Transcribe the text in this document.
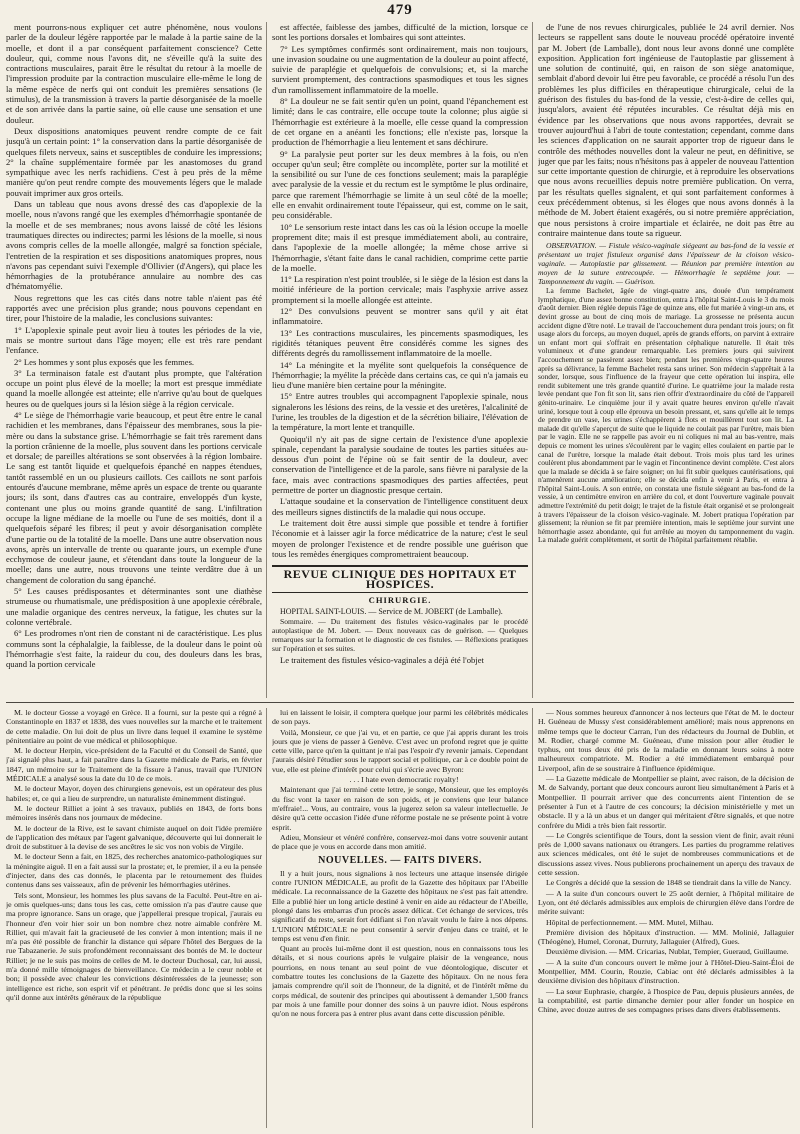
479

ment pourrons-nous expliquer cet autre phénomène, nous voulons parler de la douleur légère rapportée par le malade à la partie saine de la moelle, et dont il a par conséquent parfaitement conscience? Cette douleur, qui, comme nous l'avons dit, ne s'éveille qu'à la suite des contractions musculaires, parait être le résultat du retour à la moelle de l'impression produite par la contraction musculaire elle-même le long de la même espèce de nerfs qui ont conduit les premières sensations (le stimulus), de la transmission à travers la partie désorganisée de la moelle et de son arrivée dans la partie saine, où elle cause une sensation et une douleur.

Deux dispositions anatomiques peuvent rendre compte de ce fait jusqu'à un certain point: 1° la conservation dans la partie désorganisée de quelques filets nerveux, sains et susceptibles de conduire les impressions; 2° la chaîne supplémentaire formée par les anastomoses du grand sympathique avec les nerfs rachidiens. C'est à peu près de la même manière qu'on peut rendre compte des mouvements légers que le malade pouvait imprimer aux gros orteils.

Dans un tableau que nous avons dressé des cas d'apoplexie de la moelle, nous n'avons rangé que les exemples d'hémorrhagie spontanée de la moelle et de ses membranes; nous avons laissé de côté les lésions traumatiques directes ou indirectes; parmi les lésions de la moelle, si nous avons compris celles de la moelle allongée, malgré sa fonction spéciale, l'entretien de la respiration et ses dispositions anatomiques propres, nous n'avons pas cependant suivi l'exemple d'Ollivier (d'Angers), qui place les hémorrhagies de la protubérance annulaire au nombre des cas d'hématomyélie.

Nous regrettons que les cas cités dans notre table n'aient pas été rapportés avec une précision plus grande; nous pouvons cependant en tirer, pour l'histoire de la maladie, les conclusions suivantes:

1° L'apoplexie spinale peut avoir lieu à toutes les périodes de la vie, mais se montre surtout dans l'âge moyen; elle est très rare pendant l'enfance.

2° Les hommes y sont plus exposés que les femmes.

3° La terminaison fatale est d'autant plus prompte, que l'altération occupe un point plus élevé de la moelle; la mort est presque immédiate quand la moelle allongée est atteinte; elle n'arrive qu'au bout de quelques heures ou de quelques jours si la lésion siège à la région cervicale.

4° Le siège de l'hémorrhagie varie beaucoup, et peut être entre le canal rachidien et les membranes, dans l'épaisseur des membranes, sous la pie-mère ou dans la substance grise. L'hémorrhagie se fait très rarement dans la portion crânienne de la moelle, plus souvent dans les portions cervicale et dorsale; de pareilles altérations se sont observées à la région lombaire. Le sang est tantôt liquide et quelquefois épanché en nappes étendues, tantôt rassemblé en un ou plusieurs caillots. Ces caillots ne sont parfois entourés d'aucune membrane, même après un espace de trente ou quarante jours; ils sont, dans d'autres cas au contraire, enveloppés d'un kyste, contenant une plus ou moins grande quantité de sang. L'infiltration occupe la ligne médiane de la moelle ou l'une de ses moitiés, dont il a quelquefois séparé les fibres; il peut y avoir désorganisation complète d'une partie ou de la totalité de la moelle. Dans une autre observation nous avons, après un intervalle de trente ou quarante jours, un exemple d'une ecchymose de couleur jaune, et s'étendant dans toute la longueur de la moelle; dans une autre, nous trouvons une teinte verdâtre due à un changement de coloration du sang épanché.

5° Les causes prédisposantes et déterminantes sont une diathèse strumeuse ou rhumatismale, une prédisposition à une apoplexie cérébrale, une maladie organique des centres nerveux, la fatigue, les chutes sur la colonne vertébrale.

6° Les prodromes n'ont rien de constant ni de caractéristique. Les plus communs sont la céphalalgie, la faiblesse, de la douleur dans le point où l'hémorrhagie s'est faite, la raideur du cou, des douleurs dans les bras, quand la portion cervicale

est affectée, faiblesse des jambes, difficulté de la miction, lorsque ce sont les portions dorsales et lombaires qui sont atteintes.

7° Les symptômes confirmés sont ordinairement, mais non toujours, une invasion soudaine ou une augmentation de la douleur au point affecté, suivie de paraplégie et quelquefois de convulsions; et, si la marche survient promptement, des contractions spasmodiques et tous les signes d'un ramollissement inflammatoire de la moelle.

8° La douleur ne se fait sentir qu'en un point, quand l'épanchement est limité; dans le cas contraire, elle occupe toute la colonne; plus aigüe si l'hémorrhagie est extérieure à la moelle, elle cesse quand la compression de cet organe en a anéanti les fonctions; elle n'existe pas, lorsque la production de l'hémorrhagie a lieu lentement et sans déchirure.

9° La paralysie peut porter sur les deux membres à la fois, ou n'en occuper qu'un seul; être complète ou incomplète, porter sur la motilité et la sensibilité ou sur l'une de ces fonctions seulement; mais la paraplégie avec paralysie de la vessie et du rectum est le symptôme le plus ordinaire, parce que rarement l'hémorrhagie se limite à un seul côté de la moelle; elle en envahit ordinairement toute l'épaisseur, qui est, comme on le sait, peu considérable.

10° Le sensorium reste intact dans les cas où la lésion occupe la moelle proprement dite; mais il est presque immédiatement aboli, au contraire, dans l'apoplexie de la moelle allongée; la même chose arrive si l'hémorrhagie, s'étant faite dans le canal rachidien, comprime cette partie de la moelle.

11° La respiration n'est point troublée, si le siège de la lésion est dans la moitié inférieure de la portion cervicale; mais l'asphyxie arrive assez promptement si la moelle allongée est atteinte.

12° Des convulsions peuvent se montrer sans qu'il y ait état inflammatoire.

13° Les contractions musculaires, les pincements spasmodiques, les rigidités tétaniques peuvent être considérés comme les signes des différents degrés du ramollissement inflammatoire de la moelle.

14° La méningite et la myélite sont quelquefois la conséquence de l'hémorrhagie; la myélite la précède dans certains cas, ce qui n'a jamais eu lieu d'une manière bien certaine pour la méningite.

15° Entre autres troubles qui accompagnent l'apoplexie spinale, nous signalerons les lésions des reins, de la vessie et des uretères, l'alcalinité de l'urine, les troubles de la digestion et de la sécrétion biliaire, l'élévation de la température, la mort lente et tranquille.

Quoiqu'il n'y ait pas de signe certain de l'existence d'une apoplexie spinale, cependant la paralysie soudaine de toutes les parties situées au-dessous d'un point de l'épine où se fait sentir de la douleur, avec conservation de l'intelligence et de la parole, sans fièvre ni paralysie de la face, mais avec contractions spasmodiques des parties affectées, peut permettre de porter un diagnostic presque certain.

L'attaque soudaine et la conservation de l'intelligence constituent deux des meilleurs signes distinctifs de la maladie qui nous occupe.

Le traitement doit être aussi simple que possible et tendre à fortifier l'économie et à laisser agir la force médicatrice de la nature; c'est le seul moyen de prolonger l'existence et de rendre possible une guérison que tous les remèdes énergiques compromettraient beaucoup.

REVUE CLINIQUE DES HOPITAUX ET HOSPICES.
CHIRURGIE.

HOPITAL SAINT-LOUIS. — Service de M. JOBERT (de Lamballe).

Sommaire. — Du traitement des fistules vésico-vaginales par le procédé autoplastique de M. Jobert. — Deux nouveaux cas de guérison. — Quelques remarques sur la formation et le diagnostic de ces fistules. — Réflexions pratiques sur l'opération et ses suites.

Le traitement des fistules vésico-vaginales a déjà été l'objet

de l'une de nos revues chirurgicales, publiée le 24 avril dernier. Nos lecteurs se rappellent sans doute le nouveau procédé opératoire inventé par M. Jobert (de Lamballe), dont nous leur avons donné une complète exposition. Application fort ingénieuse de l'autoplastie par glissement à une solution de continuité, qui, en raison de son siège anatomique, semblait d'abord devoir lui être peu favorable, ce procédé a résolu l'un des problèmes les plus difficiles en thérapeutique chirurgicale, celui de la guérison des fistules du bas-fond de la vessie, c'est-à-dire de celles qui, jusqu'alors, avaient été réputées incurables. Ce résultat déjà mis en évidence par les observations que nous avons rapportées, devrait se trouver aujourd'hui à l'abri de toute contestation; cependant, comme dans les sciences d'application on ne saurait apporter trop de rigueur dans le contrôle des méthodes nouvelles dont la valeur ne peut, en définitive, se juger que par les faits; nous n'hésitons pas à appeler de nouveau l'attention sur cette importante question de chirurgie, et à reproduire les observations que nous avons recueillies depuis notre première publication. On verra, par les résultats quelles signalent, et qui sont parfaitement conformes à ceux précédemment obtenus, si les éloges que nous avons donnés à la méthode de M. Jobert étaient exagérés, ou si notre première appréciation, que nous persistons à croire impartiale et éclairée, ne doit pas être au contraire maintenue dans toute sa rigueur.

OBSERVATION. — Fistule vésico-vaginale siégeant au bas-fond de la vessie et présentant un trajet fistuleux organisé dans l'épaisseur de la cloison vésico-vaginale. — Autoplastie par glissement. — Réunion par première intention au moyen de la suture entrecoupée. — Hémorrhagie le septième jour. — Tamponnement du vagin. — Guérison.

La femme Bachelet, âgée de vingt-quatre ans, douée d'un tempérament lymphatique, d'une assez bonne constitution, entra à l'hôpital Saint-Louis le 3 du mois d'août dernier. Bien réglée depuis l'âge de quinze ans, elle fut mariée à vingt-un ans, et devint grosse au bout de cinq mois de mariage. La grossesse ne présenta aucun accident digne d'être noté. Le travail de l'accouchement dura pendant trois jours; on fit usage alors du forceps, au moyen duquel, après de grands efforts, on parvint à extraire un enfant mort qui s'offrait en présentation céphalique naturelle. Il était très volumineux et d'une grandeur remarquable. Les premiers jours qui suivirent l'accouchement se passèrent assez bien; pendant les premières vingt-quatre heures après sa délivrance, la femme Bachelet resta sans uriner. Son médecin s'apprêtait à la sonder, lorsque, sous l'influence de la frayeur que cette opération lui inspira, elle rendit subitement une très grande quantité d'urine. Le quatrième jour la malade resta levée pendant que l'on fit son lit, sans rien offrir d'extraordinaire du côté de l'appareil génito-urinaire. Le cinquième jour il y avait quatre heures environ qu'elle n'avait uriné, lorsque tout à coup elle éprouva un besoin pressant, et, sans qu'elle ait le temps de prendre un vase, les urines s'échappèrent à flots et mouillèrent tout son lit. La malade dit qu'elle s'aperçut de suite que le liquide ne coulait pas par l'urètre, mais bien par le vagin. Elle ne se rappelle pas avoir eu ni coliques ni mal au bas-ventre, mais depuis ce moment les urines s'écoulèrent par le vagin; elles coulaient en partie par le canal de l'urètre, lorsque la malade était debout. Trois mois plus tard les urines coulèrent plus abondamment par le vagin et l'incontinence devint complète. C'est alors que la malade se décida à se faire soigner; on lui fit subir quelques cautérisations, qui n'amenèrent aucune amélioration; elle se décida enfin à venir à Paris, et entra à l'hôpital Saint-Louis. A son entrée, on constata une fistule siégeant au bas-fond de la vessie, à un centimètre environ en arrière du col, et dont l'ouverture vaginale pouvait admettre l'extrémité du petit doigt; le trajet de la fistule était organisé et se prolongeait à travers l'épaisseur de la cloison vésico-vaginale. M. Jobert pratiqua l'opération par glissement; la réunion se fit par première intention, mais le septième jour survint une hémorrhagie assez abondante, qui fut arrêtée au moyen du tamponnement du vagin. La malade guérit complètement, et sortit de l'hôpital parfaitement rétablie.

M. le docteur Gosse a voyagé en Grèce. Il a fourni, sur la peste qui a régné à Constantinople en 1837 et 1838, des vues nouvelles sur la marche et le traitement de cette maladie. On lui doit de plus un livre dans lequel il examine le système pénitentiaire au point de vue médical et philosophique.

M. le docteur Herpin, vice-président de la Faculté et du Conseil de Santé, que j'ai signalé plus haut, a fait paraître dans la Gazette médicale de Paris, en février 1847, un mémoire sur le Traitement de la fissure à l'anus, travail que l'UNION MÉDICALE a analysé sous la date du 10 de ce mois.

M. le docteur Mayor, doyen des chirurgiens genevois, est un opérateur des plus habiles; et, ce qui a lieu de surprendre, un naturaliste éminemment distingué.

M. le docteur Rilliet a joint à ses travaux, publiés en 1843, de forts bons mémoires insérés dans nos journaux de médecine.

M. le docteur de la Rive, est le savant chimiste auquel on doit l'idée première de l'application des métaux par l'agent galvanique, découverte qui lui donnerait le droit de substituer à la devise de ses ancêtres le sic vos non vobis de Virgile.

M. le docteur Senn a fait, en 1825, des recherches anatomico-pathologiques sur la méningite aiguë. Il en a fait aussi sur la prostate; et, le premier, il a eu la pensée d'injecter, dans des cas donnés, le placenta par le retournement des fluides contenus dans ses vaisseaux, afin de prévenir les hémorrhagies utérines.

Tels sont, Monsieur, les hommes les plus savans de la Faculté. Peut-être en ai-je omis quelques-uns; dans tous les cas, cette omission n'a pas d'autre cause que ma propre ignorance. Sans un orage, que j'appellerai presque tropical, j'aurais eu l'honneur d'en voir hier soir un bon nombre chez notre aimable confrère M. Rilliet, qui m'avait fait la gracieuseté de les convier à mon intention; mais il ne m'a pas été possible de franchir la distance qui sépare l'hôtel des Bergues de la rue Tabazanerie. Je suis profondément reconnaissant des bontés de M. le docteur Rilliet; je ne le suis pas moins de celles de M. le docteur Duchosal, car, lui aussi, m'a donné mille témoignages de bienveillance. Ce médecin a le cœur noble et bon; il possède avec chaleur les convictions désintéressées de la jeunesse; son intelligence est riche, son esprit vif et pénétrant. Je prédis donc que si les soins qu'il donne aux intérêts généraux de la république

lui en laissent le loisir, il comptera quelque jour parmi les célébrités médicales de son pays.

Voilà, Monsieur, ce que j'ai vu, et en partie, ce que j'ai appris durant les trois jours que je viens de passer à Genève. C'est avec un profond regret que je quitte cette ville, parce qu'en la quittant je n'ai pas l'espoir d'y revenir jamais. Cependant j'aurais désiré l'étudier sous le rapport social et politique, car à ce double point de vue, elle est pleine d'intérêt pour celui qui s'écrie avec Byron:

. . . I hate even democratic royalty!

Maintenant que j'ai terminé cette lettre, je songe, Monsieur, que les employés du fisc vont la taxer en raison de son poids, et je conviens que leur balance m'effraie!... Vous, au contraire, vous la jugerez selon sa valeur intellectuelle. Je désire qu'à cette occasion l'idée d'une réforme postale ne se présente point à votre esprit.

Adieu, Monsieur et vénéré confrère, conservez-moi dans votre souvenir autant de place que je vous en accorde dans mon amitié.

NOUVELLES. — FAITS DIVERS.

Il y a huit jours, nous signalions à nos lecteurs une attaque insensée dirigée contre l'UNION MÉDICALE, au profit de la Gazette des hôpitaux par l'Abeille médicale. La reconnaissance de la Gazette des hôpitaux ne s'est pas fait attendre. Elle a publié hier un long article destiné à venir en aide au rédacteur de l'Abeille, plongé dans les embarras d'un procès assez délicat. Cet échange de services, très significatif du reste, serait fort édifiant si l'on n'avait voulu le faire à nos dépens. L'UNION MÉDICALE ne peut consentir à servir d'enjeu dans ce traité, et le temps est venu d'en finir.

Quant au procès lui-même dont il est question, nous en connaissons tous les détails, et si nous courions après le vulgaire plaisir de la vengeance, nous pourrions, en nous tenant au seul point de vue déontologique, discuter et combattre toutes les conclusions de la Gazette des hôpitaux. On ne nous fera jamais comprendre qu'il soit de l'honneur, de la dignité, et de l'intérêt même du corps médical, de soutenir des principes qui aboutissent à demander 1,500 francs par mois à une famille pour donner des soins à un pauvre idiot. Nous espérons qu'on ne nous forcera pas à entrer plus avant dans cette discussion pénible.

— Nous sommes heureux d'annoncer à nos lecteurs que l'état de M. le docteur H. Guéneau de Mussy s'est considérablement amélioré; mais nous apprenons en même temps que le docteur Carran, l'un des rédacteurs du Journal de Dublin, et M. Rodier, chargé comme M. Guéneau, d'une mission pour aller étudier le typhus, ont tous deux été pris de la maladie en donnant leurs soins à notre malheureux compatriote. M. Rodier a été immédiatement embarqué pour Liverpool, afin de se soustraire à l'influence épidémique.

— La Gazette médicale de Montpellier se plaint, avec raison, de la décision de M. de Salvandy, portant que deux concours auront lieu simultanément à Paris et à Montpellier. Il pourrait arriver que des concurrents aient l'intention de se présenter à l'un et à l'autre de ces concours; la décision ministérielle y met un obstacle. Il y a là un abus et un danger qui méritaient d'être signalés, et que notre confrère du Midi a très bien fait ressortir.

— Le Congrès scientifique de Tours, dont la session vient de finir, avait réuni près de 1,000 savans nationaux ou étrangers. Les parties du programme relatives aux sciences médicales, ont été le sujet de nombreuses communications et de discussions assez vives. Nous publierons prochainement un aperçu des travaux de cette session.

Le Congrès a décidé que la session de 1848 se tiendrait dans la ville de Nancy.

— A la suite d'un concours ouvert le 25 août dernier, à l'hôpital militaire de Lyon, ont été déclarés admissibles aux emplois de chirurgien élève dans l'ordre de mérite suivant:

Hôpital de perfectionnement. — MM. Mutel, Milhau.

Première division des hôpitaux d'instruction. — MM. Molinié, Jallaguier (Théogène), Humel, Coronat, Durruty, Jallaguier (Alfred), Gues.

Deuxième division. — MM. Cricarias, Nublat, Tempier, Gueraud, Guillaume.

— A la suite d'un concours ouvert le même jour à l'Hôtel-Dieu-Saint-Éloi de Montpellier, MM. Courin, Rouzie, Cabiac ont été déclarés admissibles à la deuxième division des hôpitaux d'instruction.

— La sœur Euphrasie, chargée, à l'hospice de Pau, depuis plusieurs années, de la comptabilité, est partie dimanche dernier pour aller fonder un hospice en Chine, avec douze autres de ses compagnes prises dans divers établissements.
